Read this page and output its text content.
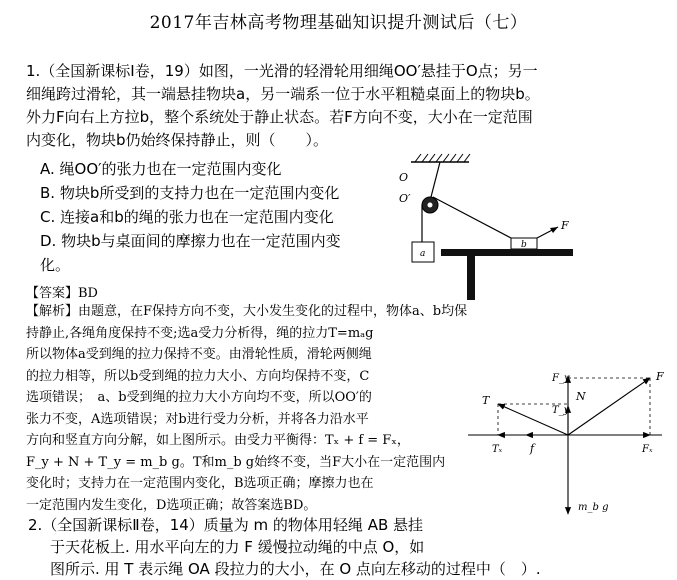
2017年吉林高考物理基础知识提升测试后（七）
1.（全国新课标Ⅰ卷，19）如图，一光滑的轻滑轮用细绳OO′悬挂于O点；另一
细绳跨过滑轮，其一端悬挂物块a，另一端系一位于水平粗糙桌面上的物块b。
外力F向右上方拉b，整个系统处于静止状态。若F方向不变，大小在一定范围
内变化，物块b仍始终保持静止，则（　　）。
A. 绳OO′的张力也在一定范围内变化
B. 物块b所受到的支持力也在一定范围内变化
C. 连接a和b的绳的张力也在一定范围内变化
D. 物块b与桌面间的摩擦力也在一定范围内变
化。
O
O′
a
b
F
【答案】BD
【解析】由题意，在F保持方向不变，大小发生变化的过程中，物体a、b均保
持静止,各绳角度保持不变;选a受力分析得，绳的拉力T=mₐg
所以物体a受到绳的拉力保持不变。由滑轮性质，滑轮两侧绳
的拉力相等，所以b受到绳的拉力大小、方向均保持不变，C
选项错误；　a、b受到绳的拉力大小方向均不变，所以OO′的
张力不变，A选项错误；对b进行受力分析，并将各力沿水平
方向和竖直方向分解，如上图所示。由受力平衡得：Tₓ + f = Fₓ，
F_y + N + T_y = m_b g。T和m_b g始终不变，当F大小在一定范围内
变化时；支持力在一定范围内变化，B选项正确；摩擦力也在
一定范围内发生变化，D选项正确；故答案选BD。
F_y	F
T	N
T_y
Tₓ	f	Fₓ
m_b g
2.（全国新课标Ⅱ卷，14）质量为 m 的物体用轻绳 AB 悬挂
于天花板上. 用水平向左的力 F 缓慢拉动绳的中点 O，如
图所示. 用 T 表示绳 OA 段拉力的大小，在 O 点向左移动的过程中（　）.
